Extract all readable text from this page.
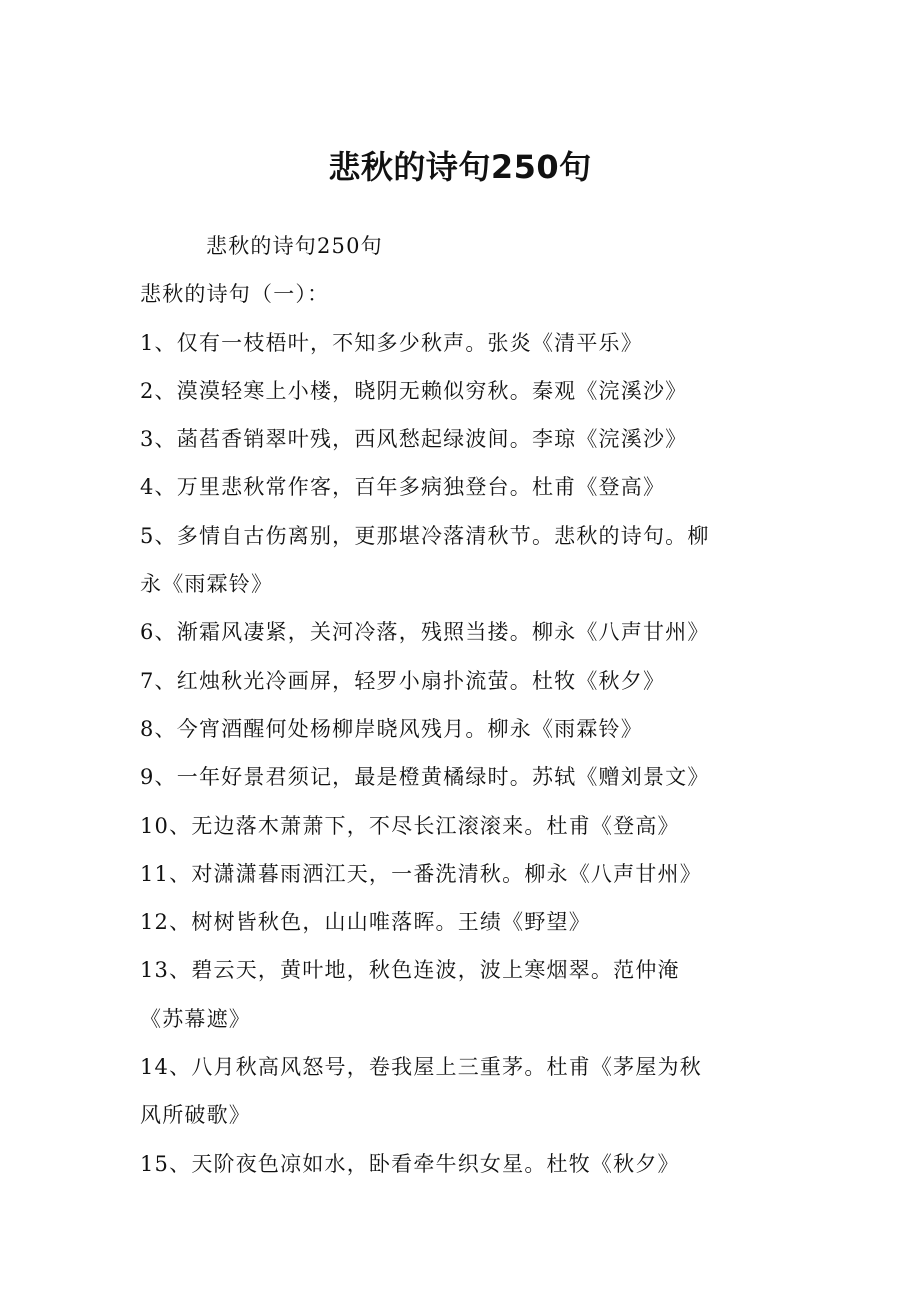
悲秋的诗句250句
悲秋的诗句250句
悲秋的诗句（一）：
1、仅有一枝梧叶，不知多少秋声。张炎《清平乐》
2、漠漠轻寒上小楼，晓阴无赖似穷秋。秦观《浣溪沙》
3、菡萏香销翠叶残，西风愁起绿波间。李琼《浣溪沙》
4、万里悲秋常作客，百年多病独登台。杜甫《登高》
5、多情自古伤离别，更那堪冷落清秋节。悲秋的诗句。柳
永《雨霖铃》
6、渐霜风凄紧，关河冷落，残照当搂。柳永《八声甘州》
7、红烛秋光冷画屏，轻罗小扇扑流萤。杜牧《秋夕》
8、今宵酒醒何处杨柳岸晓风残月。柳永《雨霖铃》
9、一年好景君须记，最是橙黄橘绿时。苏轼《赠刘景文》
10、无边落木萧萧下，不尽长江滚滚来。杜甫《登高》
11、对潇潇暮雨洒江天，一番洗清秋。柳永《八声甘州》
12、树树皆秋色，山山唯落晖。王绩《野望》
13、碧云天，黄叶地，秋色连波，波上寒烟翠。范仲淹
《苏幕遮》
14、八月秋高风怒号，卷我屋上三重茅。杜甫《茅屋为秋
风所破歌》
15、天阶夜色凉如水，卧看牵牛织女星。杜牧《秋夕》
